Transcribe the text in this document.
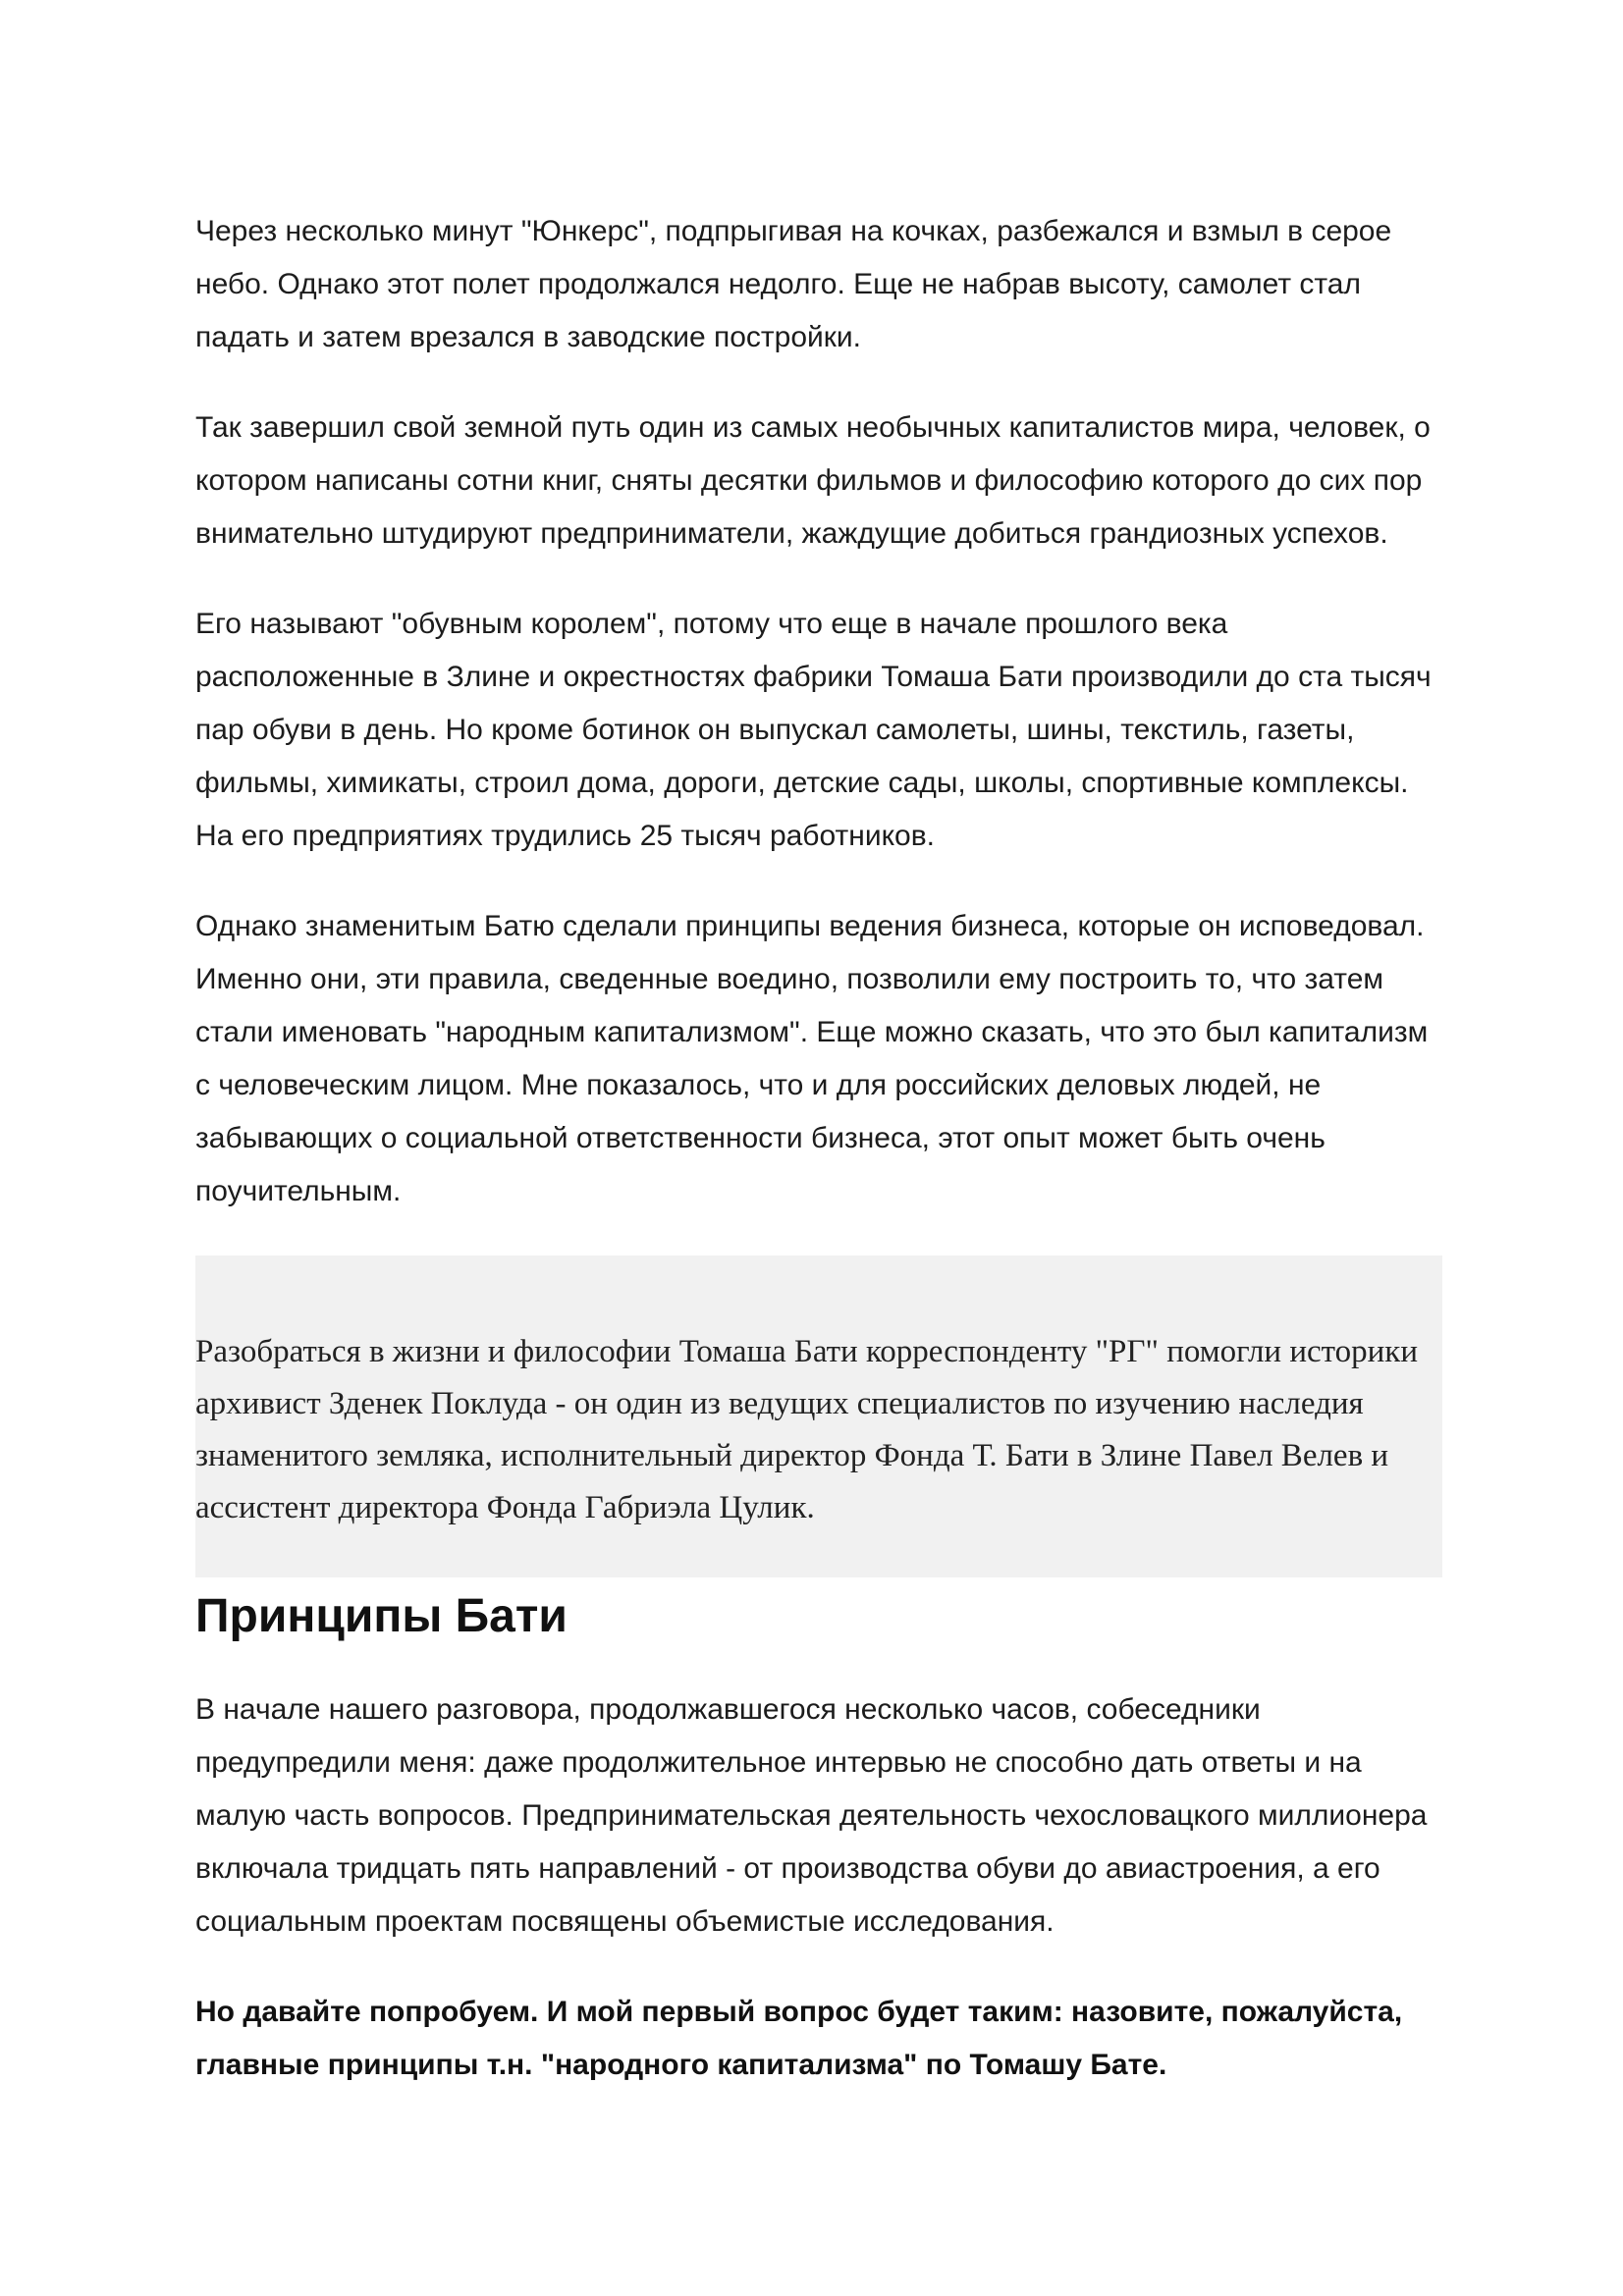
Через несколько минут "Юнкерс", подпрыгивая на кочках, разбежался и взмыл в серое небо. Однако этот полет продолжался недолго. Еще не набрав высоту, самолет стал падать и затем врезался в заводские постройки.

Так завершил свой земной путь один из самых необычных капиталистов мира, человек, о котором написаны сотни книг, сняты десятки фильмов и философию которого до сих пор внимательно штудируют предприниматели, жаждущие добиться грандиозных успехов.

Его называют "обувным королем", потому что еще в начале прошлого века расположенные в Злине и окрестностях фабрики Томаша Бати производили до ста тысяч пар обуви в день. Но кроме ботинок он выпускал самолеты, шины, текстиль, газеты, фильмы, химикаты, строил дома, дороги, детские сады, школы, спортивные комплексы. На его предприятиях трудились 25 тысяч работников.

Однако знаменитым Батю сделали принципы ведения бизнеса, которые он исповедовал. Именно они, эти правила, сведенные воедино, позволили ему построить то, что затем стали именовать "народным капитализмом". Еще можно сказать, что это был капитализм с человеческим лицом. Мне показалось, что и для российских деловых людей, не забывающих о социальной ответственности бизнеса, этот опыт может быть очень поучительным.

Разобраться в жизни и философии Томаша Бати корреспонденту "РГ" помогли историки архивист Зденек Поклуда - он один из ведущих специалистов по изучению наследия знаменитого земляка, исполнительный директор Фонда Т. Бати в Злине Павел Велев и ассистент директора Фонда Габриэла Цулик.

Принципы Бати

В начале нашего разговора, продолжавшегося несколько часов, собеседники предупредили меня: даже продолжительное интервью не способно дать ответы и на малую часть вопросов. Предпринимательская деятельность чехословацкого миллионера включала тридцать пять направлений - от производства обуви до авиастроения, а его социальным проектам посвящены объемистые исследования.

Но давайте попробуем. И мой первый вопрос будет таким: назовите, пожалуйста, главные принципы т.н. "народного капитализма" по Томашу Бате.
